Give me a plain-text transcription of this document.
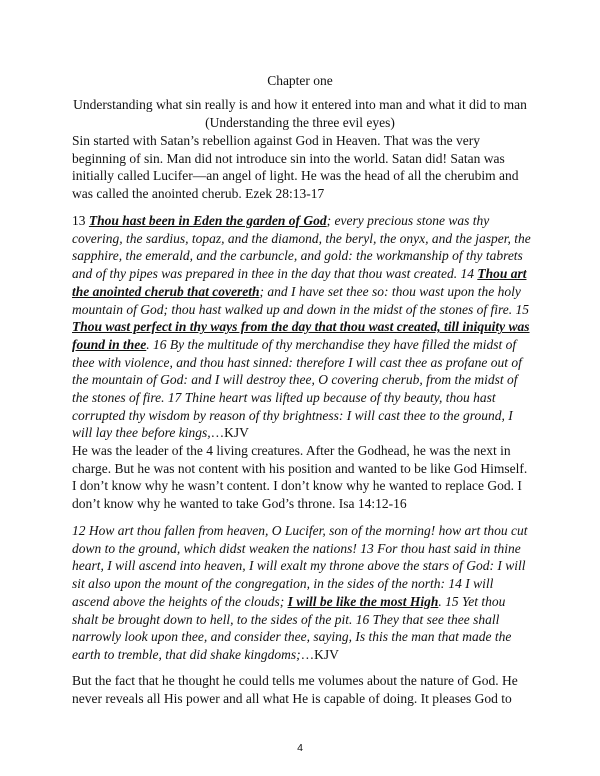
Chapter one
Understanding what sin really is and how it entered into man and what it did to man (Understanding the three evil eyes)

Sin started with Satan’s rebellion against God in Heaven. That was the very beginning of sin. Man did not introduce sin into the world. Satan did! Satan was initially called Lucifer—an angel of light. He was the head of all the cherubim and was called the anointed cherub. Ezek 28:13-17

13 Thou hast been in Eden the garden of God; every precious stone was thy covering, the sardius, topaz, and the diamond, the beryl, the onyx, and the jasper, the sapphire, the emerald, and the carbuncle, and gold: the workmanship of thy tabrets and of thy pipes was prepared in thee in the day that thou wast created. 14 Thou art the anointed cherub that covereth; and I have set thee so: thou wast upon the holy mountain of God; thou hast walked up and down in the midst of the stones of fire. 15 Thou wast perfect in thy ways from the day that thou wast created, till iniquity was found in thee. 16 By the multitude of thy merchandise they have filled the midst of thee with violence, and thou hast sinned: therefore I will cast thee as profane out of the mountain of God: and I will destroy thee, O covering cherub, from the midst of the stones of fire. 17 Thine heart was lifted up because of thy beauty, thou hast corrupted thy wisdom by reason of thy brightness: I will cast thee to the ground, I will lay thee before kings,…KJV

He was the leader of the 4 living creatures. After the Godhead, he was the next in charge. But he was not content with his position and wanted to be like God Himself. I don’t know why he wasn’t content. I don’t know why he wanted to replace God. I don’t know why he wanted to take God’s throne. Isa 14:12-16

12 How art thou fallen from heaven, O Lucifer, son of the morning! how art thou cut down to the ground, which didst weaken the nations! 13 For thou hast said in thine heart, I will ascend into heaven, I will exalt my throne above the stars of God: I will sit also upon the mount of the congregation, in the sides of the north: 14 I will ascend above the heights of the clouds; I will be like the most High. 15 Yet thou shalt be brought down to hell, to the sides of the pit. 16 They that see thee shall narrowly look upon thee, and consider thee, saying, Is this the man that made the earth to tremble, that did shake kingdoms;…KJV

But the fact that he thought he could tells me volumes about the nature of God. He never reveals all His power and all what He is capable of doing. It pleases God to

4
